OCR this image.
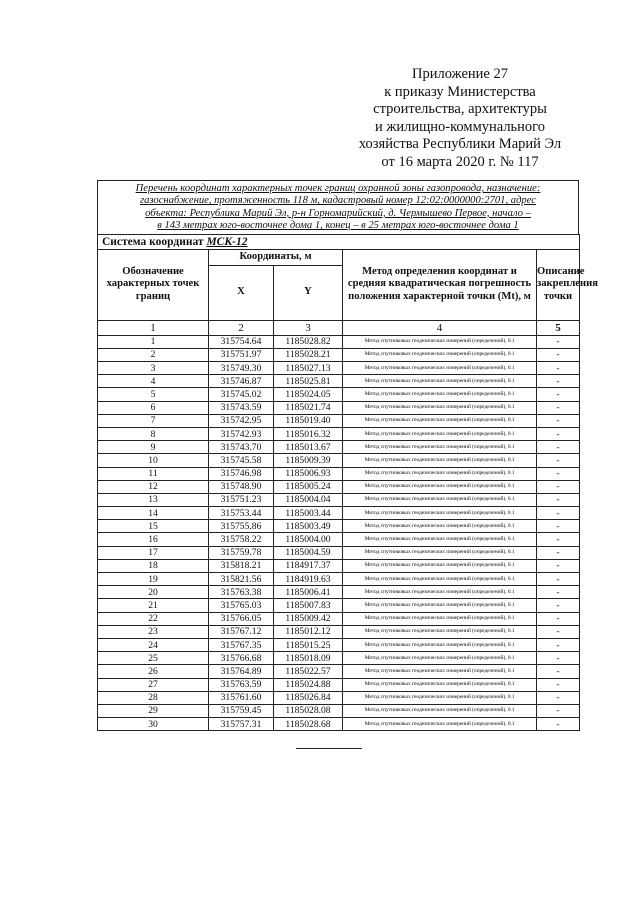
Приложение 27
к приказу Министерства
строительства, архитектуры
и жилищно-коммунального
хозяйства Республики Марий Эл
от 16 марта 2020 г. № 117
Перечень координат характерных точек границ охранной зоны газопровода, назначение:
газоснабжение, протяженность 118 м, кадастровый номер 12:02:0000000:2701, адрес
объекта: Республика Марий Эл, р-н Горномарийский, д. Чермышево Первое, начало –
в 143 метрах юго-восточнее дома 1, конец – в 25 метрах юго-восточнее дома 1
Система координат МСК-12				
Обозначение характерных точек границ	Координаты, м		Метод определения координат и средняя квадратическая погрешность положения характерной точки (Mt), м	Описание закрепления точки
	X	Y		
1	2	3	4	5
1	315754.64	1185028.82	Метод спутниковых геодезических измерений (определений), 0.1	-
2	315751.97	1185028.21	Метод спутниковых геодезических измерений (определений), 0.1	-
3	315749.30	1185027.13	Метод спутниковых геодезических измерений (определений), 0.1	-
4	315746.87	1185025.81	Метод спутниковых геодезических измерений (определений), 0.1	-
5	315745.02	1185024.05	Метод спутниковых геодезических измерений (определений), 0.1	-
6	315743.59	1185021.74	Метод спутниковых геодезических измерений (определений), 0.1	-
7	315742.95	1185019.40	Метод спутниковых геодезических измерений (определений), 0.1	-
8	315742.93	1185016.32	Метод спутниковых геодезических измерений (определений), 0.1	-
9	315743.70	1185013.67	Метод спутниковых геодезических измерений (определений), 0.1	-
10	315745.58	1185009.39	Метод спутниковых геодезических измерений (определений), 0.1	-
11	315746.98	1185006.93	Метод спутниковых геодезических измерений (определений), 0.1	-
12	315748.90	1185005.24	Метод спутниковых геодезических измерений (определений), 0.1	-
13	315751.23	1185004.04	Метод спутниковых геодезических измерений (определений), 0.1	-
14	315753.44	1185003.44	Метод спутниковых геодезических измерений (определений), 0.1	-
15	315755.86	1185003.49	Метод спутниковых геодезических измерений (определений), 0.1	-
16	315758.22	1185004.00	Метод спутниковых геодезических измерений (определений), 0.1	-
17	315759.78	1185004.59	Метод спутниковых геодезических измерений (определений), 0.1	-
18	315818.21	1184917.37	Метод спутниковых геодезических измерений (определений), 0.1	-
19	315821.56	1184919.63	Метод спутниковых геодезических измерений (определений), 0.1	-
20	315763.38	1185006.41	Метод спутниковых геодезических измерений (определений), 0.1	-
21	315765.03	1185007.83	Метод спутниковых геодезических измерений (определений), 0.1	-
22	315766.05	1185009.42	Метод спутниковых геодезических измерений (определений), 0.1	-
23	315767.12	1185012.12	Метод спутниковых геодезических измерений (определений), 0.1	-
24	315767.35	1185015.25	Метод спутниковых геодезических измерений (определений), 0.1	-
25	315766.68	1185018.09	Метод спутниковых геодезических измерений (определений), 0.1	-
26	315764.89	1185022.57	Метод спутниковых геодезических измерений (определений), 0.1	-
27	315763.59	1185024.88	Метод спутниковых геодезических измерений (определений), 0.1	-
28	315761.60	1185026.84	Метод спутниковых геодезических измерений (определений), 0.1	-
29	315759.45	1185028.08	Метод спутниковых геодезических измерений (определений), 0.1	-
30	315757.31	1185028.68	Метод спутниковых геодезических измерений (определений), 0.1	-
